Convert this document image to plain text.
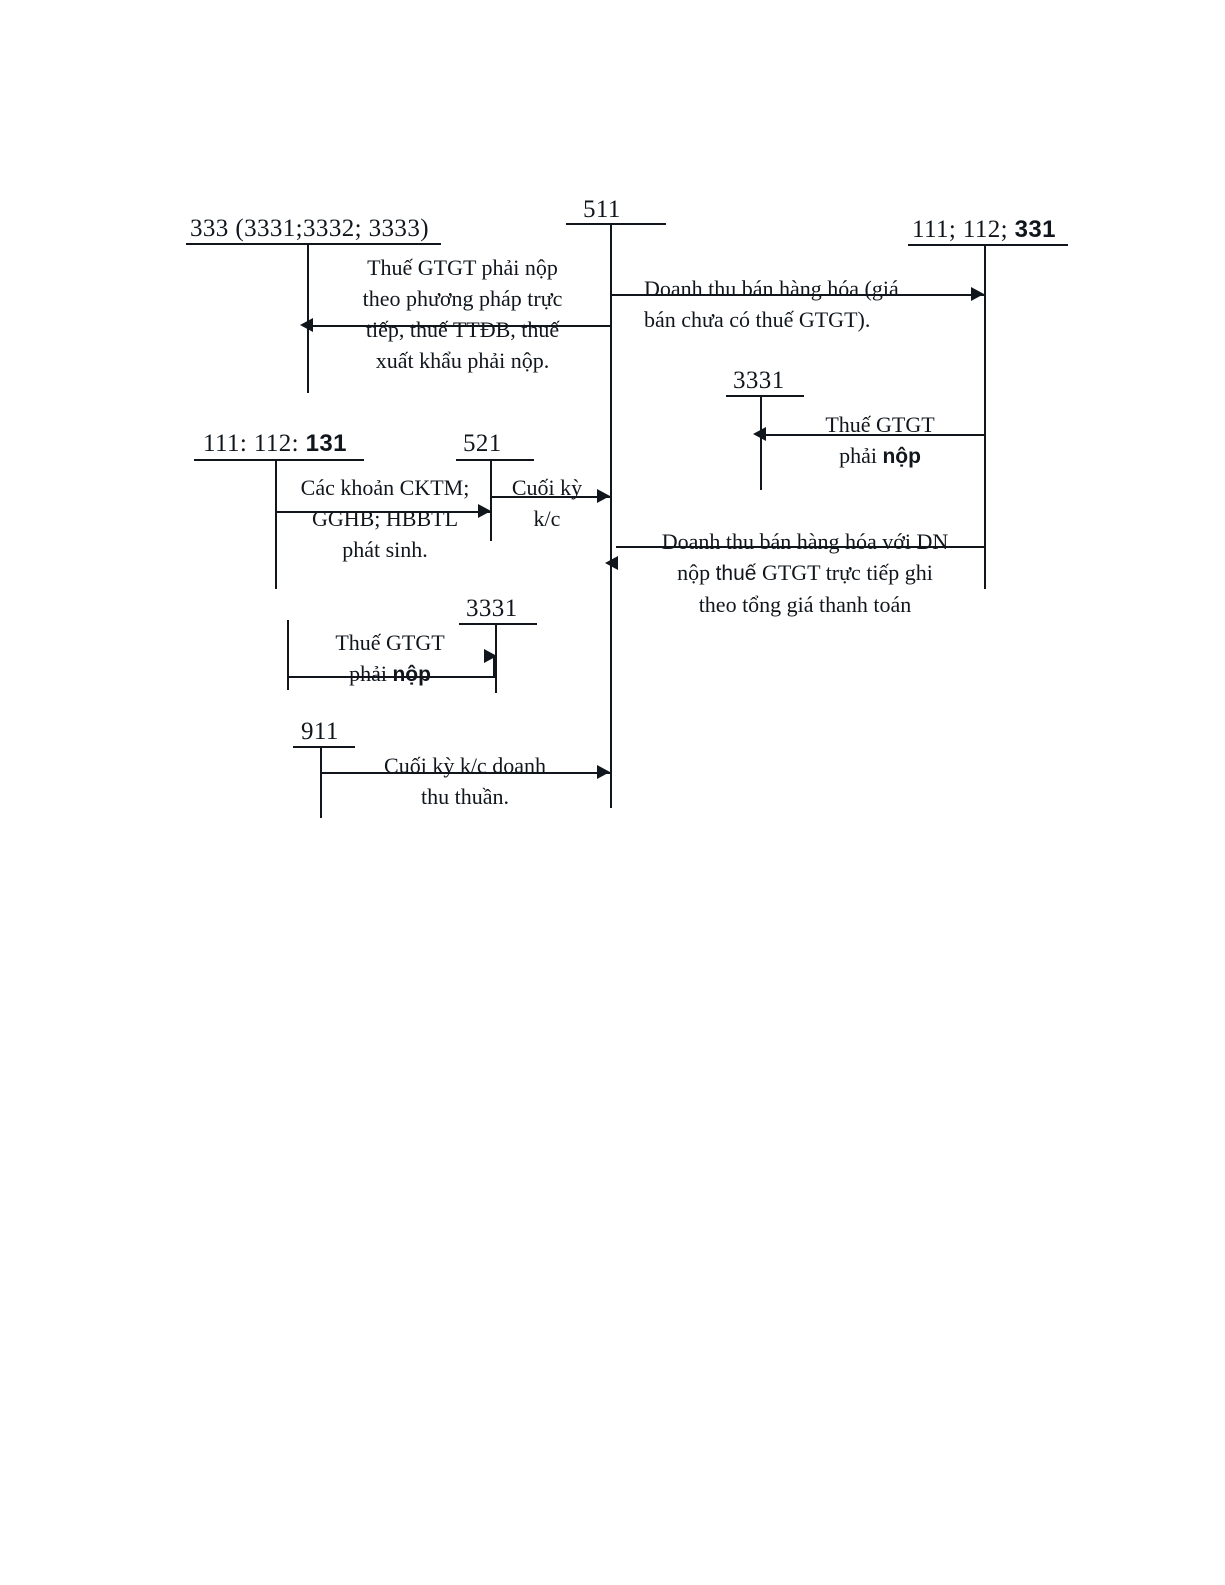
333 (3331;3332; 3333)
511
111; 112; 331
3331
111: 112: 131	521
3331
911
Thuế GTGT phải nộp
theo phương pháp trực
tiếp, thuế TTĐB, thuế
xuất khẩu phải nộp.
Doanh thu bán hàng hóa (giá
bán chưa có thuế GTGT).
Thuế GTGT
phải nộp
Các khoản CKTM;
GGHB; HBBTL
phát sinh.
Cuối kỳ
k/c
Doanh thu bán hàng hóa với DN
nộp thuế GTGT trực tiếp ghi
theo tổng giá thanh toán
Thuế GTGT
phải nộp
Cuối kỳ k/c doanh
thu thuần.
